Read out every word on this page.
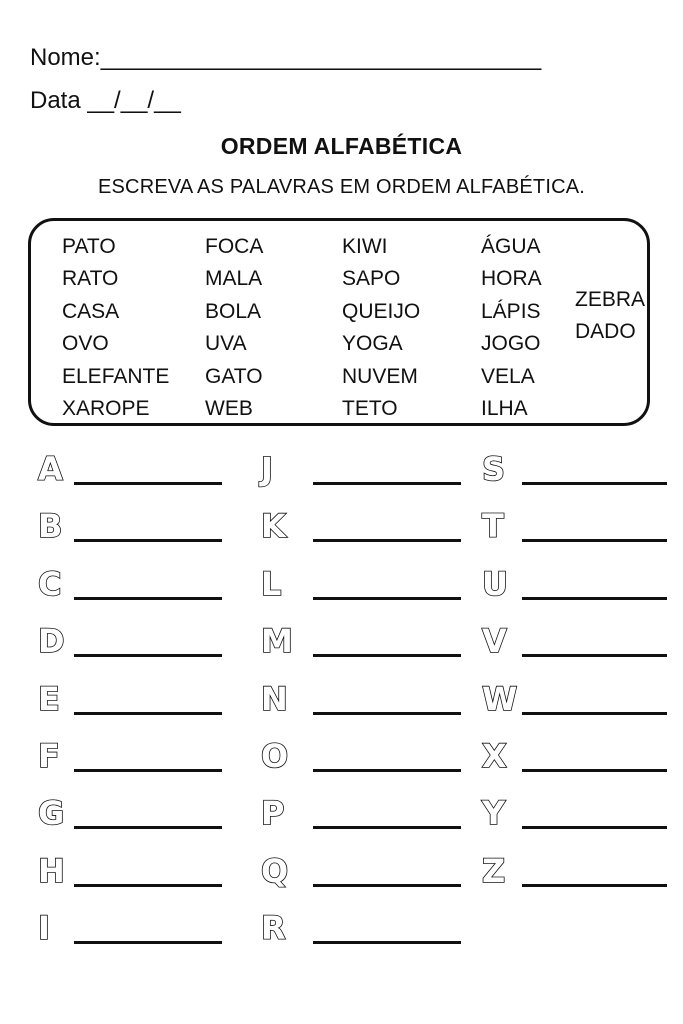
Nome:_________________________________
Data __/__/__
ORDEM ALFABÉTICA
ESCREVA AS PALAVRAS EM ORDEM ALFABÉTICA.
PATO
RATO
CASA
OVO
ELEFANTE
XAROPE
FOCA
MALA
BOLA
UVA
GATO
WEB
KIWI
SAPO
QUEIJO
YOGA
NUVEM
TETO
ÁGUA
HORA
LÁPIS
JOGO
VELA
ILHA
ZEBRA
DADO
A
B
C
D
E
F
G
H
I
J
K
L
M
N
O
P
Q
R
S
T
U
V
W
X
Y
Z
